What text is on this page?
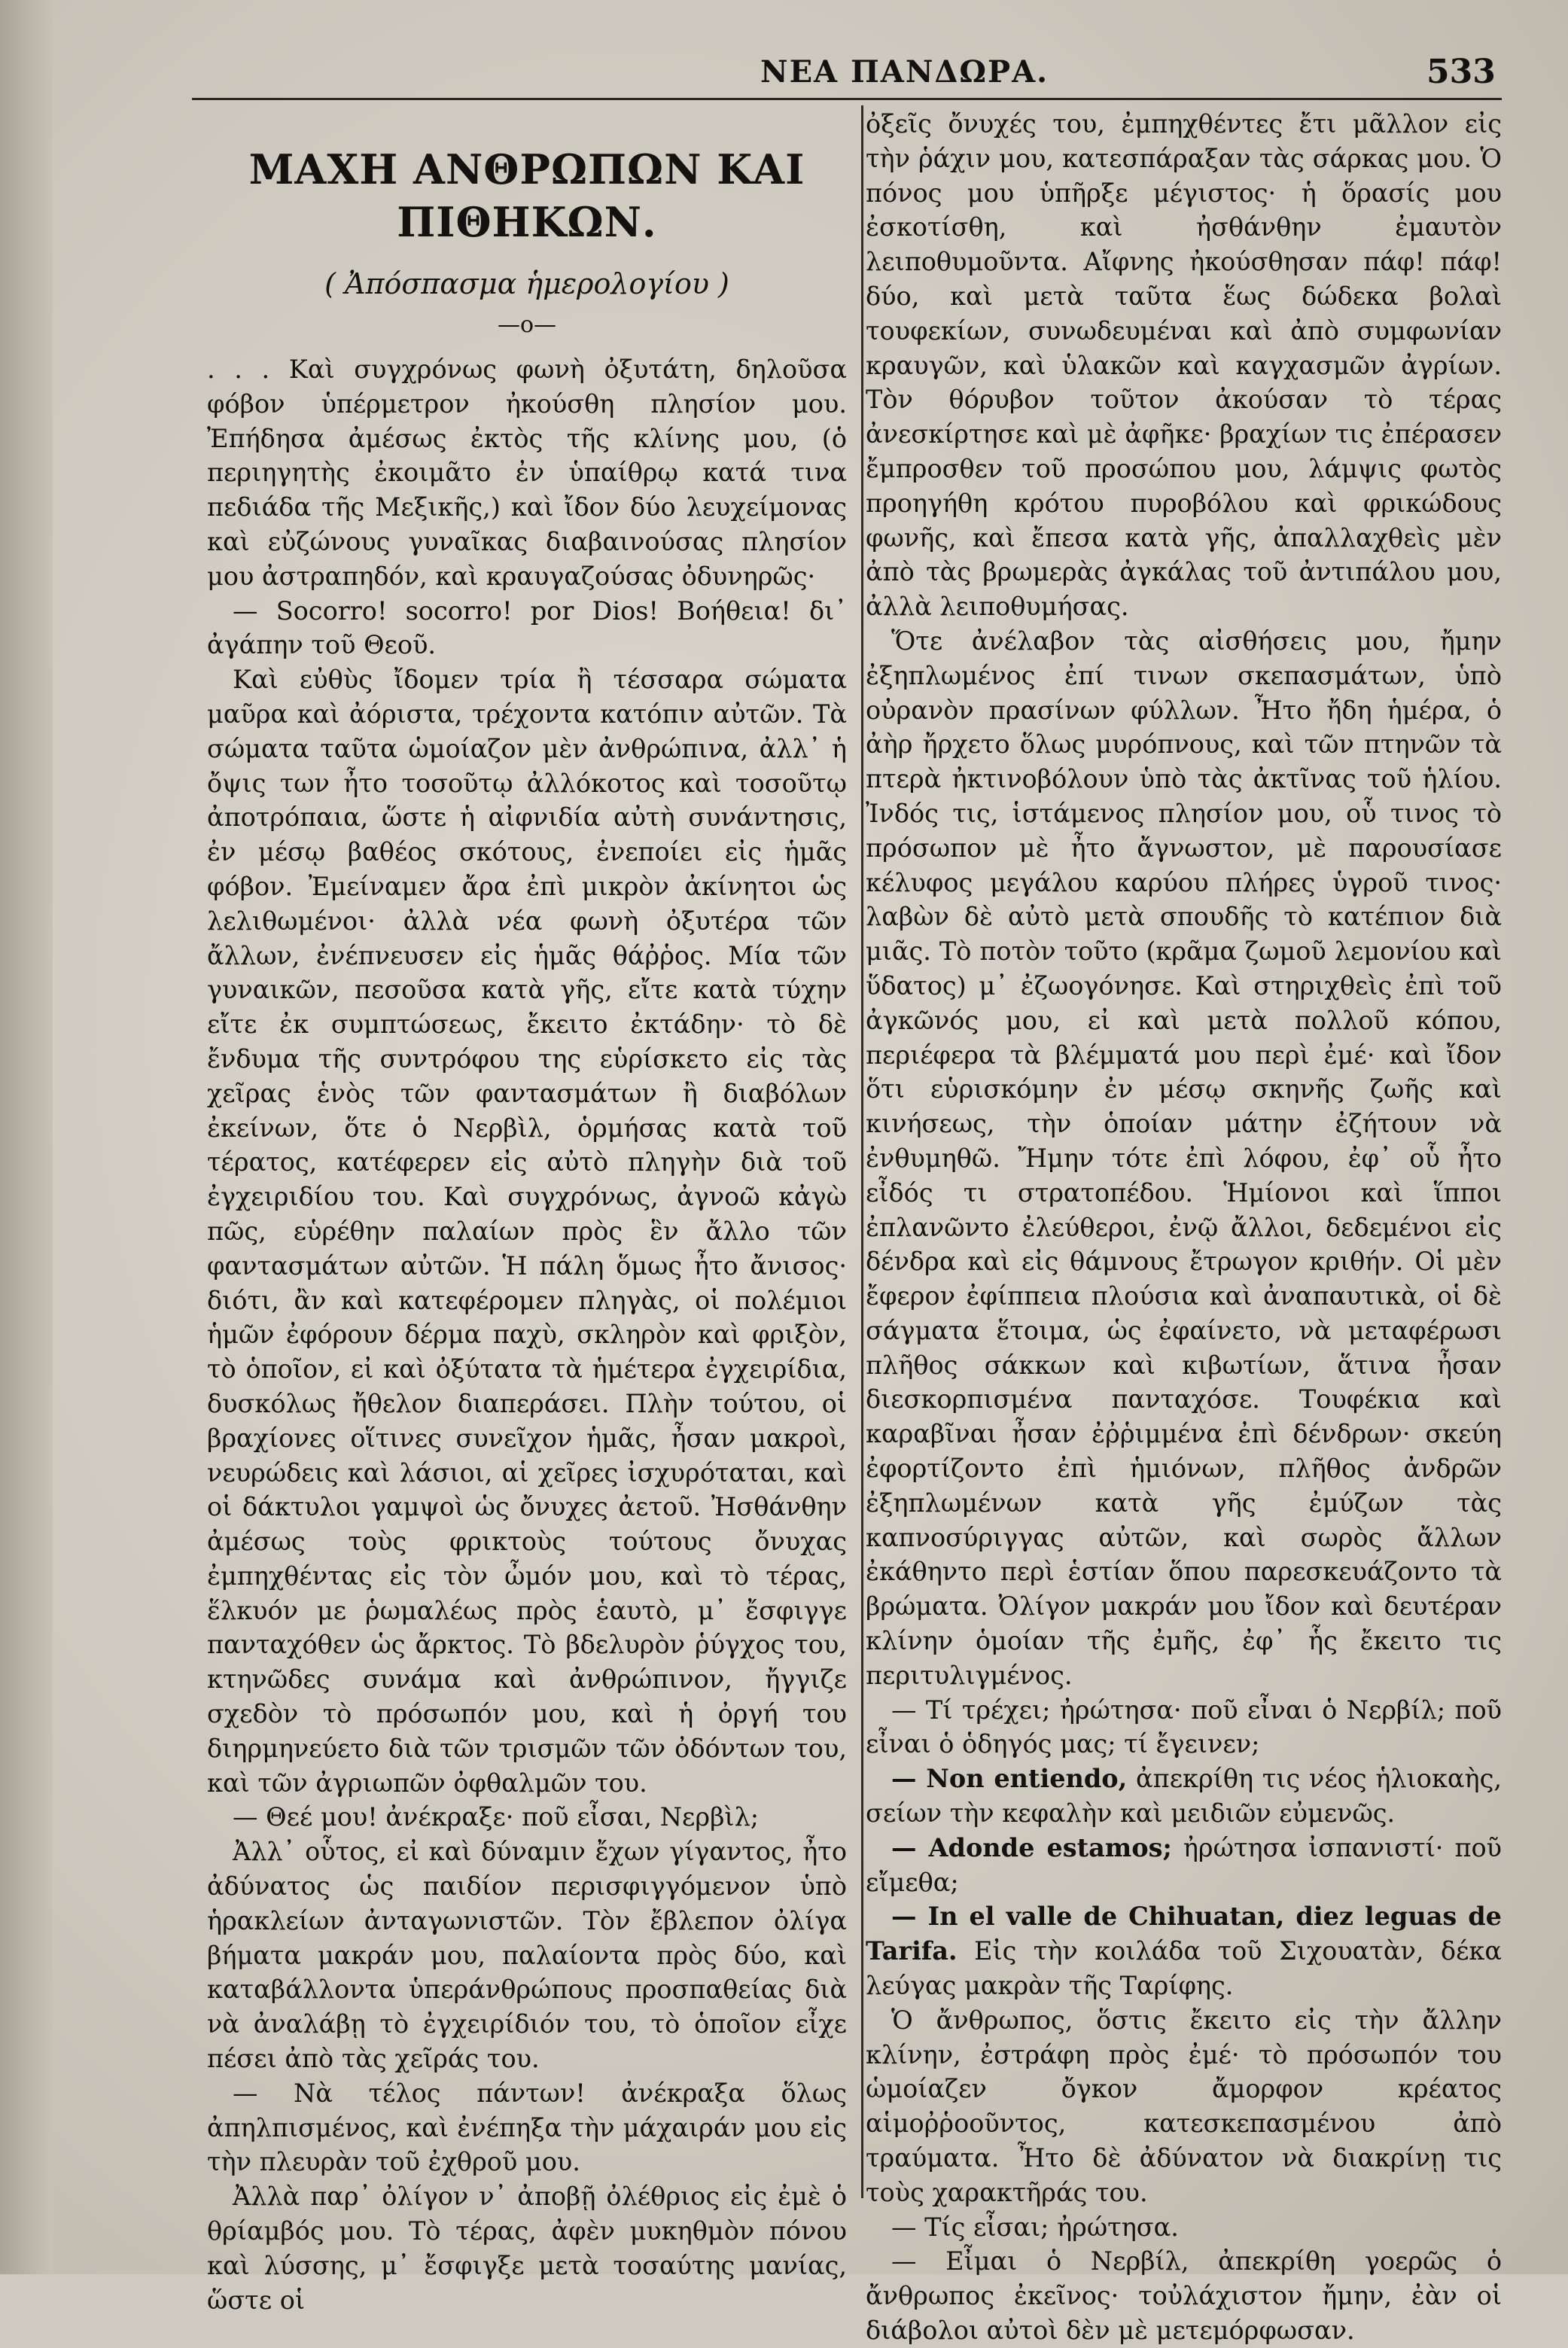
ΝΕΑ ΠΑΝΔΩΡΑ.	533
ΜΑΧΗ ΑΝΘΡΩΠΩΝ ΚΑΙ ΠΙΘΗΚΩΝ.
( Ἀπόσπασμα ἡμερολογίου )
—o—

. . . Καὶ συγχρόνως φωνὴ ὀξυτάτη, δηλοῦσα φόβον ὑπέρμετρον ἠκούσθη πλησίον μου. Ἐπήδησα ἀμέσως ἐκτὸς τῆς κλίνης μου, (ὁ περιηγητὴς ἐκοιμᾶτο ἐν ὑπαίθρῳ κατά τινα πεδιάδα τῆς Μεξικῆς,) καὶ ἴδον δύο λευχείμονας καὶ εὐζώνους γυναῖκας διαβαινούσας πλησίον μου ἀστραπηδόν, καὶ κραυγαζούσας ὀδυνηρῶς·

— Socorro! socorro! por Dios! Βοήθεια! δι᾽ ἀγάπην τοῦ Θεοῦ.

Καὶ εὐθὺς ἴδομεν τρία ἢ τέσσαρα σώματα μαῦρα καὶ ἀόριστα, τρέχοντα κατόπιν αὐτῶν. Τὰ σώματα ταῦτα ὡμοίαζον μὲν ἀνθρώπινα, ἀλλ᾽ ἡ ὄψις των ἦτο τοσοῦτῳ ἀλλόκοτος καὶ τοσοῦτῳ ἀποτρόπαια, ὥστε ἡ αἰφνιδία αὐτὴ συνάντησις, ἐν μέσῳ βαθέος σκότους, ἐνεποίει εἰς ἡμᾶς φόβον. Ἐμείναμεν ἄρα ἐπὶ μικρὸν ἀκίνητοι ὡς λελιθωμένοι· ἀλλὰ νέα φωνὴ ὀξυτέρα τῶν ἄλλων, ἐνέπνευσεν εἰς ἡμᾶς θάῤῥος. Μία τῶν γυναικῶν, πεσοῦσα κατὰ γῆς, εἴτε κατὰ τύχην εἴτε ἐκ συμπτώσεως, ἔκειτο ἐκτάδην· τὸ δὲ ἔνδυμα τῆς συντρόφου της εὑρίσκετο εἰς τὰς χεῖρας ἑνὸς τῶν φαντασμάτων ἢ διαβόλων ἐκείνων, ὅτε ὁ Νερβὶλ, ὁρμήσας κατὰ τοῦ τέρατος, κατέφερεν εἰς αὐτὸ πληγὴν διὰ τοῦ ἐγχειριδίου του. Καὶ συγχρόνως, ἀγνοῶ κἀγὼ πῶς, εὑρέθην παλαίων πρὸς ἓν ἄλλο τῶν φαντασμάτων αὐτῶν. Ἡ πάλη ὅμως ἦτο ἄνισος· διότι, ἂν καὶ κατεφέρομεν πληγὰς, οἱ πολέμιοι ἡμῶν ἐφόρουν δέρμα παχὺ, σκληρὸν καὶ φριξὸν, τὸ ὁποῖον, εἰ καὶ ὀξύτατα τὰ ἡμέτερα ἐγχειρίδια, δυσκόλως ἤθελον διαπεράσει. Πλὴν τούτου, οἱ βραχίονες οἵτινες συνεῖχον ἡμᾶς, ἦσαν μακροὶ, νευρώδεις καὶ λάσιοι, αἱ χεῖρες ἰσχυρόταται, καὶ οἱ δάκτυλοι γαμψοὶ ὡς ὄνυχες ἀετοῦ. Ἠσθάνθην ἀμέσως τοὺς φρικτοὺς τούτους ὄνυχας ἐμπηχθέντας εἰς τὸν ὦμόν μου, καὶ τὸ τέρας, ἕλκυόν με ῥωμαλέως πρὸς ἑαυτὸ, μ᾽ ἔσφιγγε πανταχόθεν ὡς ἄρκτος. Τὸ βδελυρὸν ῥύγχος του, κτηνῶδες συνάμα καὶ ἀνθρώπινον, ἤγγιζε σχεδὸν τὸ πρόσωπόν μου, καὶ ἡ ὀργή του διηρμηνεύετο διὰ τῶν τρισμῶν τῶν ὀδόντων του, καὶ τῶν ἀγριωπῶν ὀφθαλμῶν του.

— Θεέ μου! ἀνέκραξε· ποῦ εἶσαι, Νερβὶλ;

Ἀλλ᾽ οὗτος, εἰ καὶ δύναμιν ἔχων γίγαντος, ἦτο ἀδύνατος ὡς παιδίον περισφιγγόμενον ὑπὸ ἡρακλείων ἀνταγωνιστῶν. Τὸν ἔβλεπον ὀλίγα βήματα μακράν μου, παλαίοντα πρὸς δύο, καὶ καταβάλλοντα ὑπεράνθρώπους προσπαθείας διὰ νὰ ἀναλάβῃ τὸ ἐγχειρίδιόν του, τὸ ὁποῖον εἶχε πέσει ἀπὸ τὰς χεῖράς του.

— Νὰ τέλος πάντων! ἀνέκραξα ὅλως ἀπηλπισμένος, καὶ ἐνέπηξα τὴν μάχαιράν μου εἰς τὴν πλευρὰν τοῦ ἐχθροῦ μου.

Ἀλλὰ παρ᾽ ὀλίγον ν᾽ ἀποβῇ ὀλέθριος εἰς ἐμὲ ὁ θρίαμβός μου. Τὸ τέρας, ἀφὲν μυκηθμὸν πόνου καὶ λύσσης, μ᾽ ἔσφιγξε μετὰ τοσαύτης μανίας, ὥστε οἱ

ὀξεῖς ὄνυχές του, ἐμπηχθέντες ἔτι μᾶλλον εἰς τὴν ῥάχιν μου, κατεσπάραξαν τὰς σάρκας μου. Ὁ πόνος μου ὑπῆρξε μέγιστος· ἡ ὅρασίς μου ἐσκοτίσθη, καὶ ἠσθάνθην ἐμαυτὸν λειποθυμοῦντα. Αἴφνης ἠκούσθησαν πάφ! πάφ! δύο, καὶ μετὰ ταῦτα ἕως δώδεκα βολαὶ τουφεκίων, συνωδευμέναι καὶ ἀπὸ συμφωνίαν κραυγῶν, καὶ ὑλακῶν καὶ καγχασμῶν ἀγρίων. Τὸν θόρυβον τοῦτον ἀκούσαν τὸ τέρας ἀνεσκίρτησε καὶ μὲ ἀφῆκε· βραχίων τις ἐπέρασεν ἔμπροσθεν τοῦ προσώπου μου, λάμψις φωτὸς προηγήθη κρότου πυροβόλου καὶ φρικώδους φωνῆς, καὶ ἔπεσα κατὰ γῆς, ἀπαλλαχθεὶς μὲν ἀπὸ τὰς βρωμερὰς ἀγκάλας τοῦ ἀντιπάλου μου, ἀλλὰ λειποθυμήσας.

Ὅτε ἀνέλαβον τὰς αἰσθήσεις μου, ἤμην ἐξηπλωμένος ἐπί τινων σκεπασμάτων, ὑπὸ οὐρανὸν πρασίνων φύλλων. Ἦτο ἤδη ἡμέρα, ὁ ἀὴρ ἤρχετο ὅλως μυρόπνους, καὶ τῶν πτηνῶν τὰ πτερὰ ἠκτινοβόλουν ὑπὸ τὰς ἀκτῖνας τοῦ ἡλίου. Ἰνδός τις, ἱστάμενος πλησίον μου, οὗ τινος τὸ πρόσωπον μὲ ἦτο ἄγνωστον, μὲ παρουσίασε κέλυφος μεγάλου καρύου πλήρες ὑγροῦ τινος· λαβὼν δὲ αὐτὸ μετὰ σπουδῆς τὸ κατέπιον διὰ μιᾶς. Τὸ ποτὸν τοῦτο (κρᾶμα ζωμοῦ λεμονίου καὶ ὕδατος) μ᾽ ἐζωογόνησε. Καὶ στηριχθεὶς ἐπὶ τοῦ ἀγκῶνός μου, εἰ καὶ μετὰ πολλοῦ κόπου, περιέφερα τὰ βλέμματά μου περὶ ἐμέ· καὶ ἴδον ὅτι εὑρισκόμην ἐν μέσῳ σκηνῆς ζωῆς καὶ κινήσεως, τὴν ὁποίαν μάτην ἐζήτουν νὰ ἐνθυμηθῶ. Ἤμην τότε ἐπὶ λόφου, ἐφ᾽ οὗ ἦτο εἶδός τι στρατοπέδου. Ἡμίονοι καὶ ἵπποι ἐπλανῶντο ἐλεύθεροι, ἐνῷ ἄλλοι, δεδεμένοι εἰς δένδρα καὶ εἰς θάμνους ἔτρωγον κριθήν. Οἱ μὲν ἔφερον ἐφίππεια πλούσια καὶ ἀναπαυτικὰ, οἱ δὲ σάγματα ἕτοιμα, ὡς ἐφαίνετο, νὰ μεταφέρωσι πλῆθος σάκκων καὶ κιβωτίων, ἅτινα ἦσαν διεσκορπισμένα πανταχόσε. Τουφέκια καὶ καραβῖναι ἦσαν ἐῤῥιμμένα ἐπὶ δένδρων· σκεύη ἐφορτίζοντο ἐπὶ ἡμιόνων, πλῆθος ἀνδρῶν ἐξηπλωμένων κατὰ γῆς ἐμύζων τὰς καπνοσύριγγας αὐτῶν, καὶ σωρὸς ἄλλων ἐκάθηντο περὶ ἑστίαν ὅπου παρεσκευάζοντο τὰ βρώματα. Ὀλίγον μακράν μου ἴδον καὶ δευτέραν κλίνην ὁμοίαν τῆς ἐμῆς, ἐφ᾽ ἧς ἔκειτο τις περιτυλιγμένος.

— Τί τρέχει; ἠρώτησα· ποῦ εἶναι ὁ Νερβίλ; ποῦ εἶναι ὁ ὁδηγός μας; τί ἔγεινεν;

— Non entiendo, ἀπεκρίθη τις νέος ἡλιοκαὴς, σείων τὴν κεφαλὴν καὶ μειδιῶν εὐμενῶς.

— Adonde estamos; ἠρώτησα ἰσπανιστί· ποῦ εἴμεθα;

— In el valle de Chihuatan, diez leguas de Tarifa. Εἰς τὴν κοιλάδα τοῦ Σιχουατὰν, δέκα λεύγας μακρὰν τῆς Ταρίφης.

Ὁ ἄνθρωπος, ὅστις ἔκειτο εἰς τὴν ἄλλην κλίνην, ἐστράφη πρὸς ἐμέ· τὸ πρόσωπόν του ὡμοίαζεν ὄγκον ἄμορφον κρέατος αἱμοῤῥοοῦντος, κατεσκεπασμένου ἀπὸ τραύματα. Ἦτο δὲ ἀδύνατον νὰ διακρίνῃ τις τοὺς χαρακτῆράς του.

— Τίς εἶσαι; ἠρώτησα.

— Εἶμαι ὁ Νερβίλ, ἀπεκρίθη γοερῶς ὁ ἄνθρωπος ἐκεῖνος· τοὐλάχιστον ἤμην, ἐὰν οἱ διάβολοι αὐτοὶ δὲν μὲ μετεμόρφωσαν.
